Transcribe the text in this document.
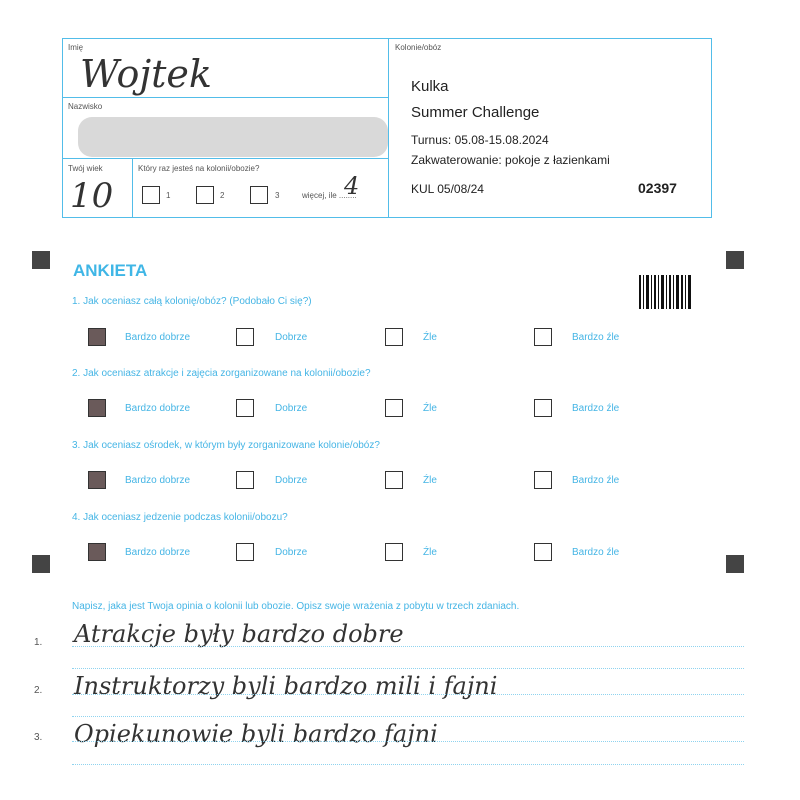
Imię
Wojtek
Nazwisko
Twój wiek
10
Który raz jesteś na kolonii/obozie?
1	2	3	więcej, ile ........
4
Kolonie/obóz
Kulka
Summer Challenge
Turnus: 05.08-15.08.2024
Zakwaterowanie: pokoje z łazienkami
KUL 05/08/24	02397
ANKIETA
1. Jak oceniasz całą kolonię/obóz? (Podobało Ci się?)
Bardzo dobrze	Dobrze	Źle	Bardzo źle
2. Jak oceniasz atrakcje i zajęcia zorganizowane na kolonii/obozie?
Bardzo dobrze	Dobrze	Źle	Bardzo źle
3. Jak oceniasz ośrodek, w którym były zorganizowane kolonie/obóz?
Bardzo dobrze	Dobrze	Źle	Bardzo źle
4. Jak oceniasz jedzenie podczas kolonii/obozu?
Bardzo dobrze	Dobrze	Źle	Bardzo źle
Napisz, jaka jest Twoja opinia o kolonii lub obozie. Opisz swoje wrażenia z pobytu w trzech zdaniach.
1.
2.
3.
Atrakcje były bardzo dobre
Instruktorzy byli bardzo mili i fajni
Opiekunowie byli bardzo fajni
